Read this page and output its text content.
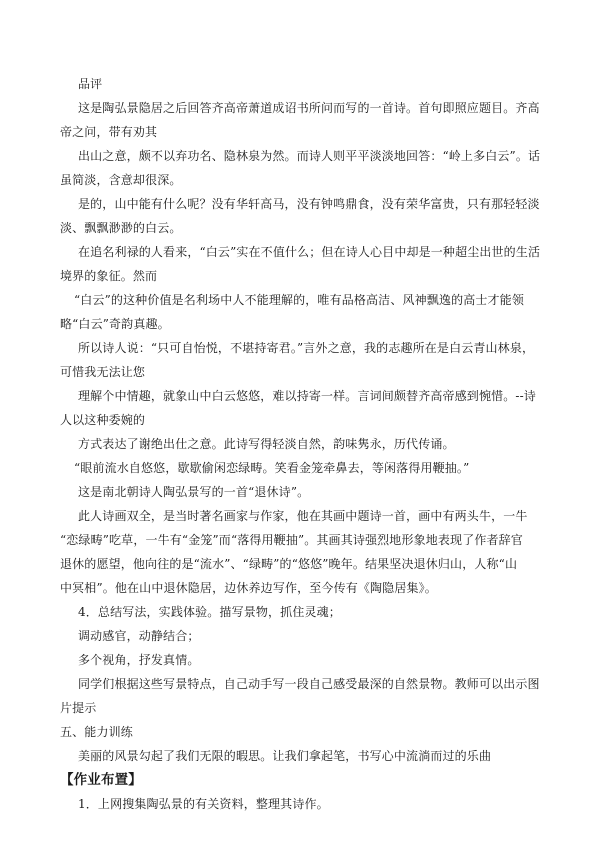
品评
这是陶弘景隐居之后回答齐高帝萧道成诏书所问而写的一首诗。首句即照应题目。齐高
帝之问，带有劝其
出山之意，颇不以弃功名、隐林泉为然。而诗人则平平淡淡地回答：“岭上多白云”。话
虽简淡，含意却很深。
是的，山中能有什么呢？没有华轩高马，没有钟鸣鼎食，没有荣华富贵，只有那轻轻淡
淡、飘飘渺渺的白云。
在追名利禄的人看来，“白云”实在不值什么；但在诗人心目中却是一种超尘出世的生活
境界的象征。然而
“白云”的这种价值是名利场中人不能理解的，唯有品格高洁、风神飘逸的高士才能领
略“白云”奇韵真趣。
所以诗人说：“只可自怡悦，不堪持寄君。”言外之意，我的志趣所在是白云青山林泉，
可惜我无法让您
理解个中情趣，就象山中白云悠悠，难以持寄一样。言词间颇替齐高帝感到惋惜。--诗
人以这种委婉的
方式表达了谢绝出仕之意。此诗写得轻淡自然，韵味隽永，历代传诵。
“眼前流水自悠悠，歇歇偷闲恋绿畴。笑看金笼牵鼻去，等闲落得用鞭抽。”
这是南北朝诗人陶弘景写的一首“退休诗”。
此人诗画双全，是当时著名画家与作家，他在其画中题诗一首，画中有两头牛，一牛
“恋绿畴”吃草，一牛有“金笼”而“落得用鞭抽”。其画其诗强烈地形象地表现了作者辞官
退休的愿望，他向往的是“流水”、“绿畴”的“悠悠”晚年。结果坚决退休归山，人称“山
中冥相”。他在山中退休隐居，边休养边写作，至今传有《陶隐居集》。
4．总结写法，实践体验。描写景物，抓住灵魂；
调动感官，动静结合；
多个视角，抒发真情。
同学们根据这些写景特点，自己动手写一段自己感受最深的自然景物。教师可以出示图
片提示
五、能力训练
美丽的风景勾起了我们无限的暇思。让我们拿起笔，书写心中流淌而过的乐曲
【作业布置】
1．上网搜集陶弘景的有关资料，整理其诗作。
